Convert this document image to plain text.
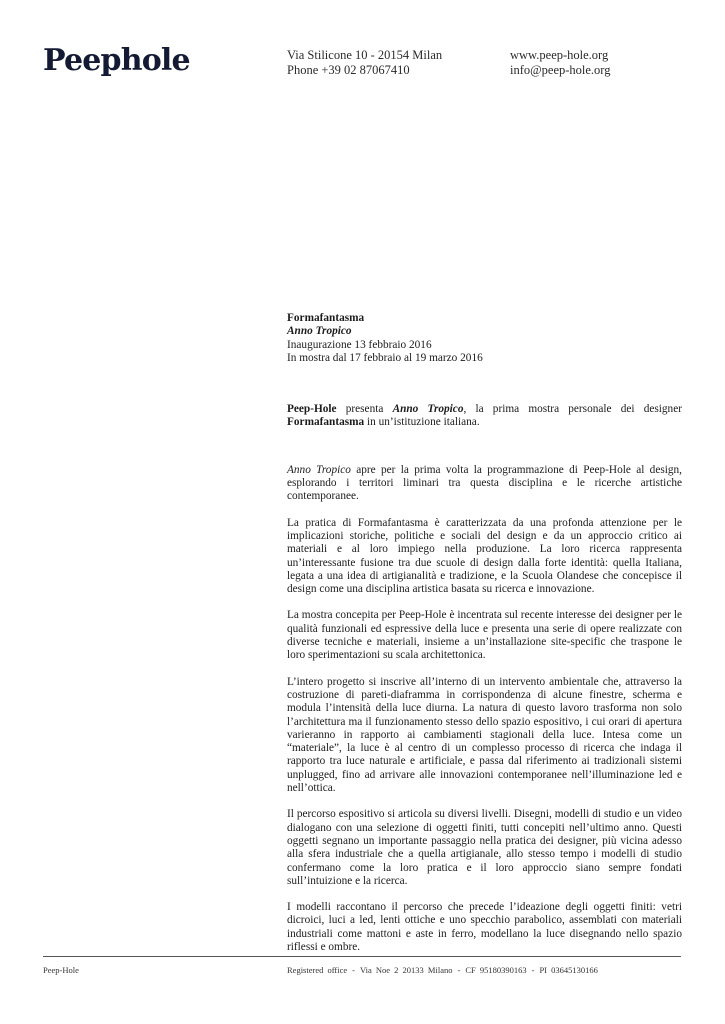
Peephole	Via Stilicone 10 - 20154 Milan
Phone +39 02 87067410
www.peep-hole.org
info@peep-hole.org
Formafantasma
Anno Tropico
Inaugurazione 13 febbraio 2016
In mostra dal 17 febbraio al 19 marzo 2016

Peep-Hole presenta Anno Tropico, la prima mostra personale dei designer Formafantasma in un’istituzione italiana.

Anno Tropico apre per la prima volta la programmazione di Peep-Hole al design, esplorando i territori liminari tra questa disciplina e le ricerche artistiche contemporanee.

La pratica di Formafantasma è caratterizzata da una profonda attenzione per le implicazioni storiche, politiche e sociali del design e da un approccio critico ai materiali e al loro impiego nella produzione. La loro ricerca rappresenta un’interessante fusione tra due scuole di design dalla forte identità: quella Italiana, legata a una idea di artigianalità e tradizione, e la Scuola Olandese che concepisce il design come una disciplina artistica basata su ricerca e innovazione.

La mostra concepita per Peep-Hole è incentrata sul recente interesse dei designer per le qualità funzionali ed espressive della luce e presenta una serie di opere realizzate con diverse tecniche e materiali, insieme a un’installazione site-specific che traspone le loro sperimentazioni su scala architettonica.

L’intero progetto si inscrive all’interno di un intervento ambientale che, attraverso la costruzione di pareti-diaframma in corrispondenza di alcune finestre, scherma e modula l’intensità della luce diurna. La natura di questo lavoro trasforma non solo l’architettura ma il funzionamento stesso dello spazio espositivo, i cui orari di apertura varieranno in rapporto ai cambiamenti stagionali della luce. Intesa come un “materiale”, la luce è al centro di un complesso processo di ricerca che indaga il rapporto tra luce naturale e artificiale, e passa dal riferimento ai tradizionali sistemi unplugged, fino ad arrivare alle innovazioni contemporanee nell’illuminazione led e nell’ottica.

Il percorso espositivo si articola su diversi livelli. Disegni, modelli di studio e un video dialogano con una selezione di oggetti finiti, tutti concepiti nell’ultimo anno. Questi oggetti segnano un importante passaggio nella pratica dei designer, più vicina adesso alla sfera industriale che a quella artigianale, allo stesso tempo i modelli di studio confermano come la loro pratica e il loro approccio siano sempre fondati sull’intuizione e la ricerca.

I modelli raccontano il percorso che precede l’ideazione degli oggetti finiti: vetri dicroici, luci a led, lenti ottiche e uno specchio parabolico, assemblati con materiali industriali come mattoni e aste in ferro, modellano la luce disegnando nello spazio riflessi e ombre.

Peep-Hole	Registered office - Via Noe 2 20133 Milano - CF 95180390163 - PI 03645130166
